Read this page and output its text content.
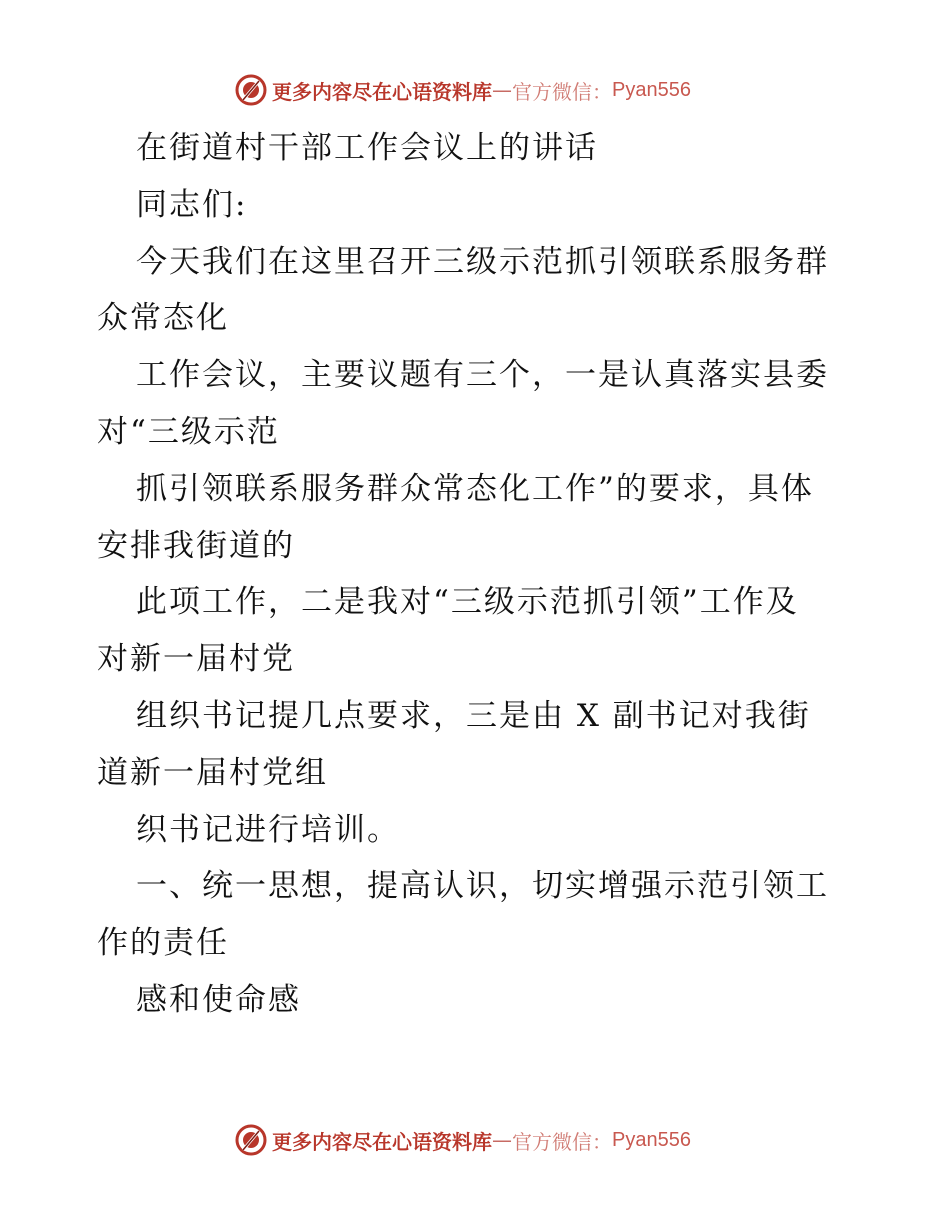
更多内容尽在心语资料库 — 官方微信： Pyan556
在街道村干部工作会议上的讲话
同志们:
今天我们在这里召开三级示范抓引领联系服务群
众常态化
工作会议，主要议题有三个，一是认真落实县委
对“三级示范
抓引领联系服务群众常态化工作”的要求，具体
安排我街道的
此项工作，二是我对“三级示范抓引领”工作及
对新一届村党
组织书记提几点要求，三是由 X 副书记对我街
道新一届村党组
织书记进行培训。
一、统一思想，提高认识，切实增强示范引领工
作的责任
感和使命感
更多内容尽在心语资料库 — 官方微信： Pyan556
